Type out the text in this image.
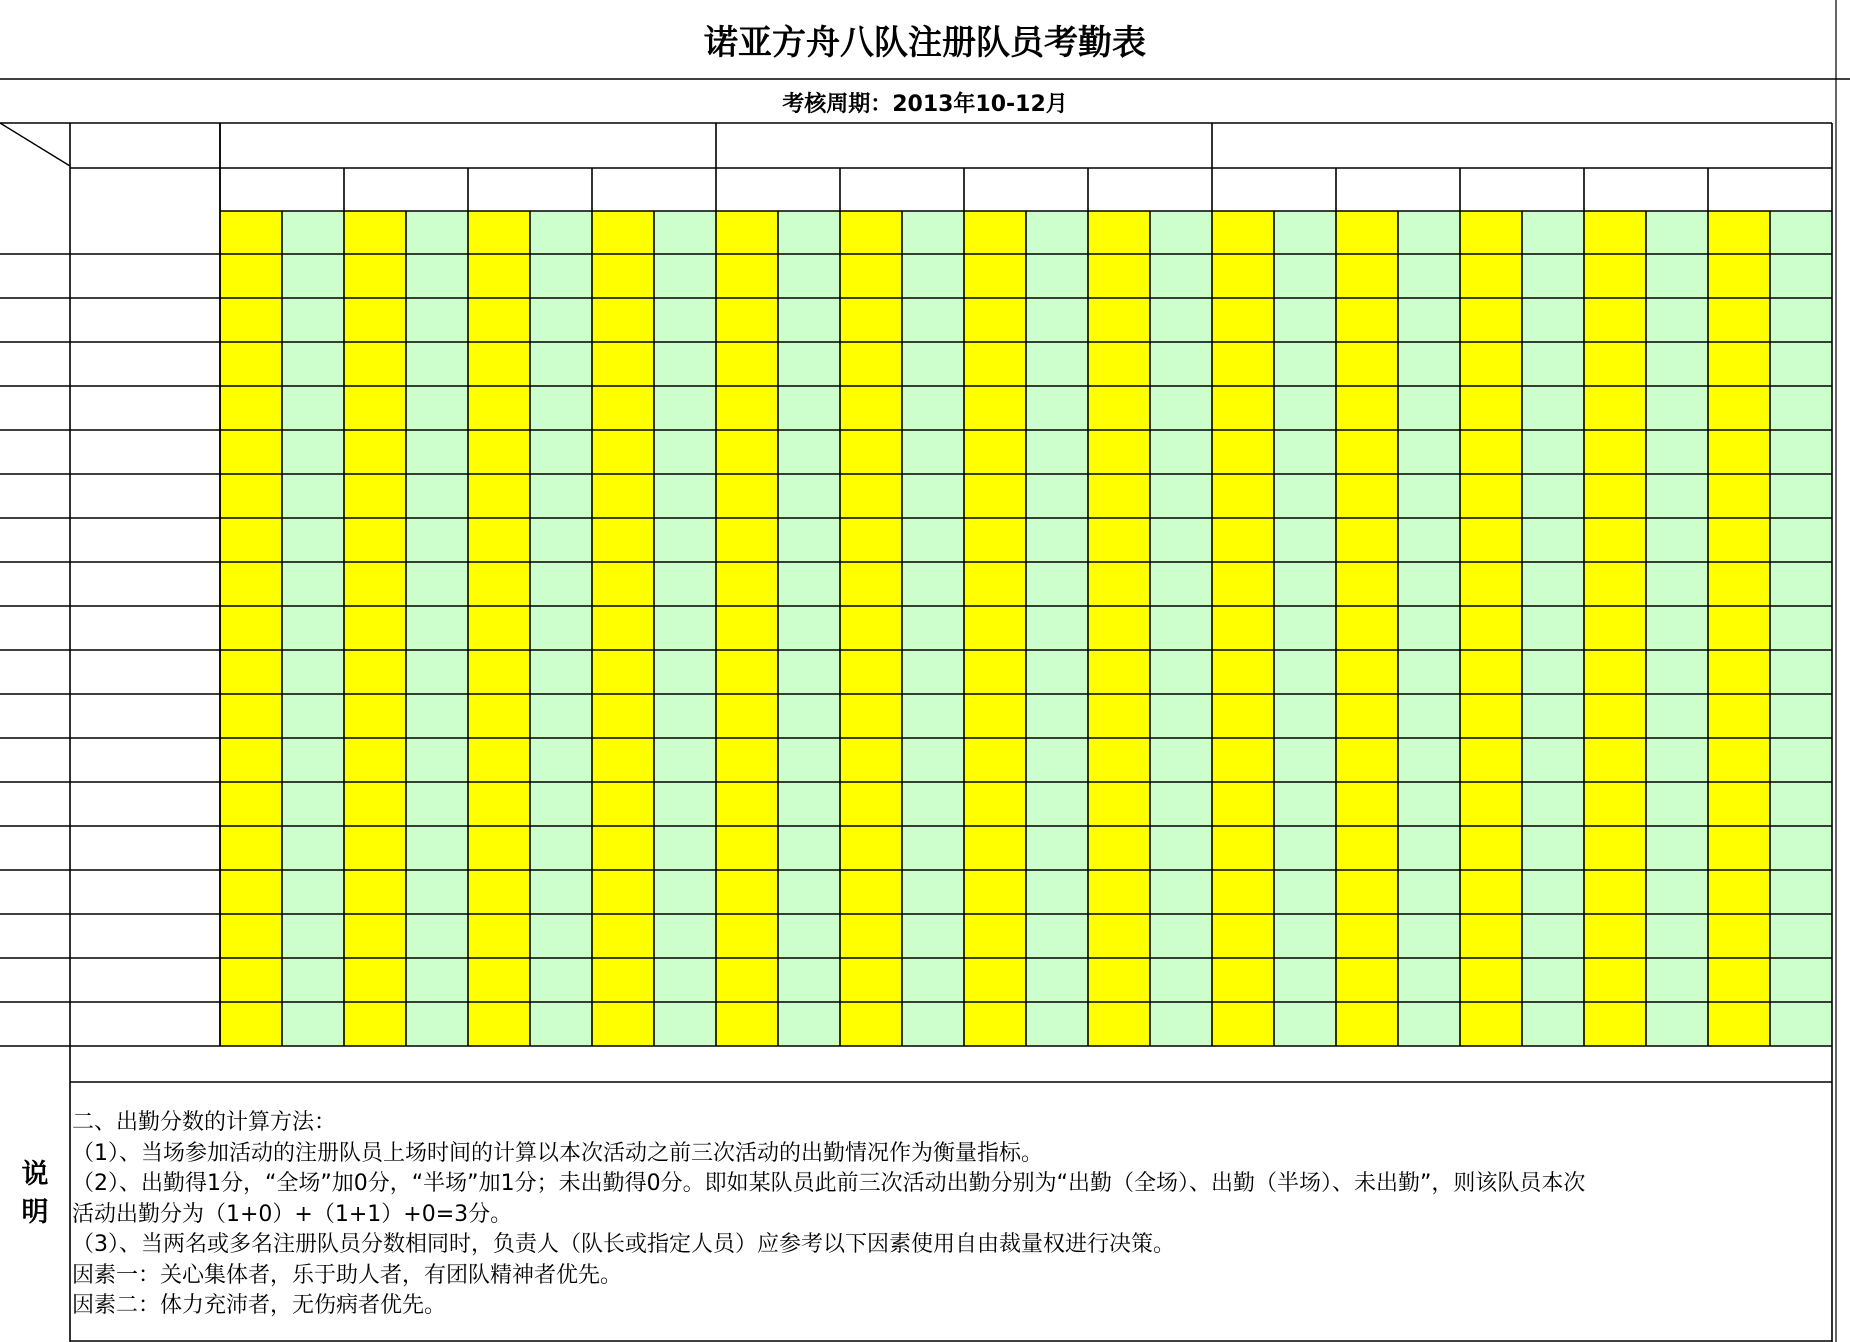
诺亚方舟八队注册队员考勤表
考核周期：2013年10-12月
说
明
二、出勤分数的计算方法：
（1）、当场参加活动的注册队员上场时间的计算以本次活动之前三次活动的出勤情况作为衡量指标。
（2）、出勤得1分，“全场”加0分，“半场”加1分；未出勤得0分。即如某队员此前三次活动出勤分别为“出勤（全场）、出勤（半场）、未出勤”，则该队员本次
活动出勤分为（1+0）+（1+1）+0=3分。
（3）、当两名或多名注册队员分数相同时，负责人（队长或指定人员）应参考以下因素使用自由裁量权进行决策。
因素一：关心集体者，乐于助人者，有团队精神者优先。
因素二：体力充沛者，无伤病者优先。
